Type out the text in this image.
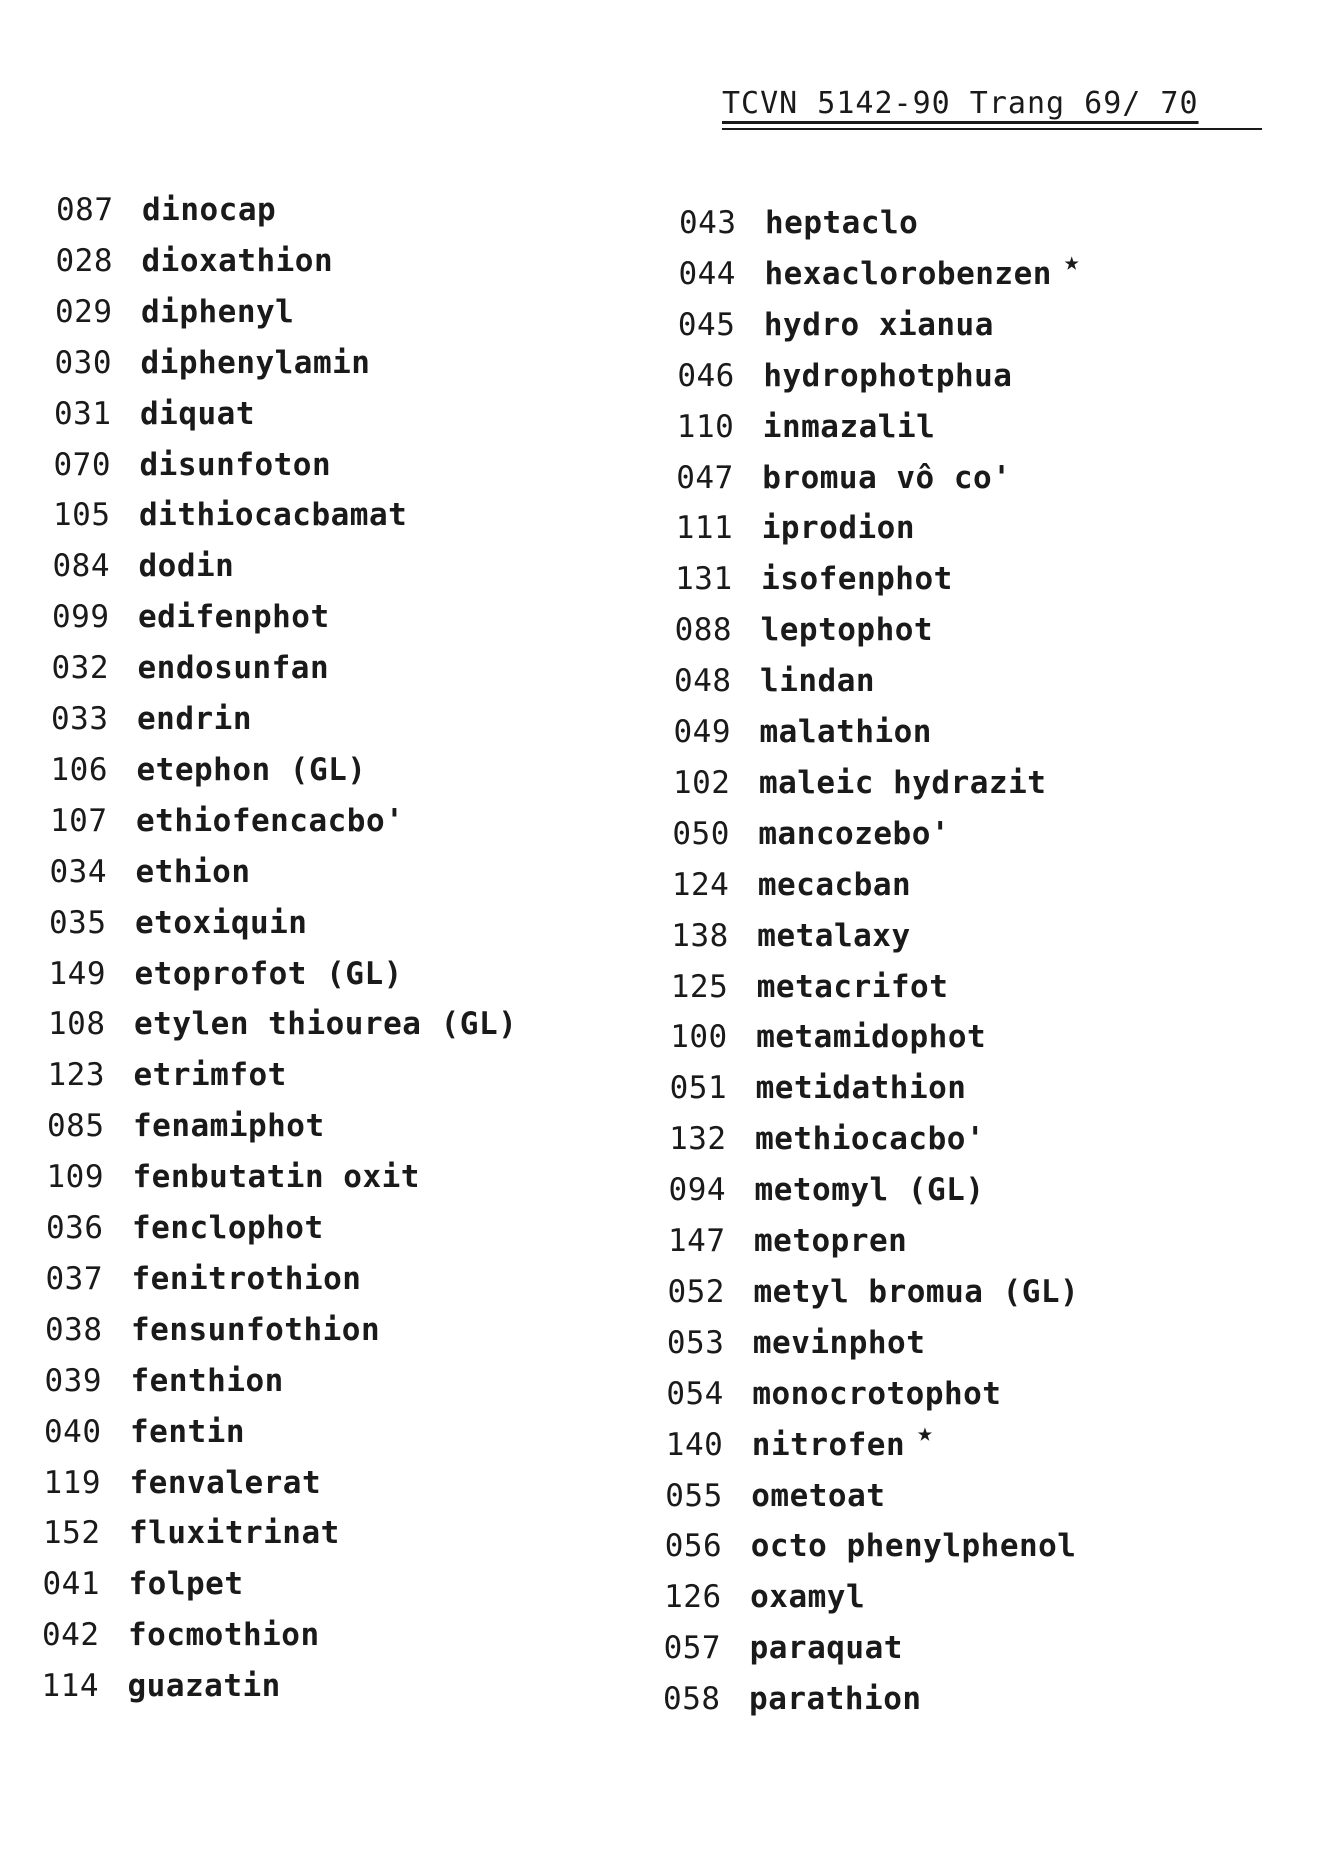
TCVN 5142-90 Trang 69/ 70
087 dinocap
028 dioxathion
029 diphenyl
030 diphenylamin
031 diquat
070 disunfoton
105 dithiocacbamat
084 dodin
099 edifenphot
032 endosunfan
033 endrin
106 etephon (GL)
107 ethiofencacbo'
034 ethion
035 etoxiquin
149 etoprofot (GL)
108 etylen thiourea (GL)
123 etrimfot
085 fenamiphot
109 fenbutatin oxit
036 fenclophot
037 fenitrothion
038 fensunfothion
039 fenthion
040 fentin
119 fenvalerat
152 fluxitrinat
041 folpet
042 focmothion
114 guazatin
043 heptaclo
044 hexaclorobenzen ★
045 hydro xianua
046 hydrophotphua
110 inmazalil
047 bromua vô co'
111 iprodion
131 isofenphot
088 leptophot
048 lindan
049 malathion
102 maleic hydrazit
050 mancozebo'
124 mecacban
138 metalaxy
125 metacrifot
100 metamidophot
051 metidathion
132 methiocacbo'
094 metomyl (GL)
147 metopren
052 metyl bromua (GL)
053 mevinphot
054 monocrotophot
140 nitrofen ★
055 ometoat
056 octo phenylphenol
126 oxamyl
057 paraquat
058 parathion
